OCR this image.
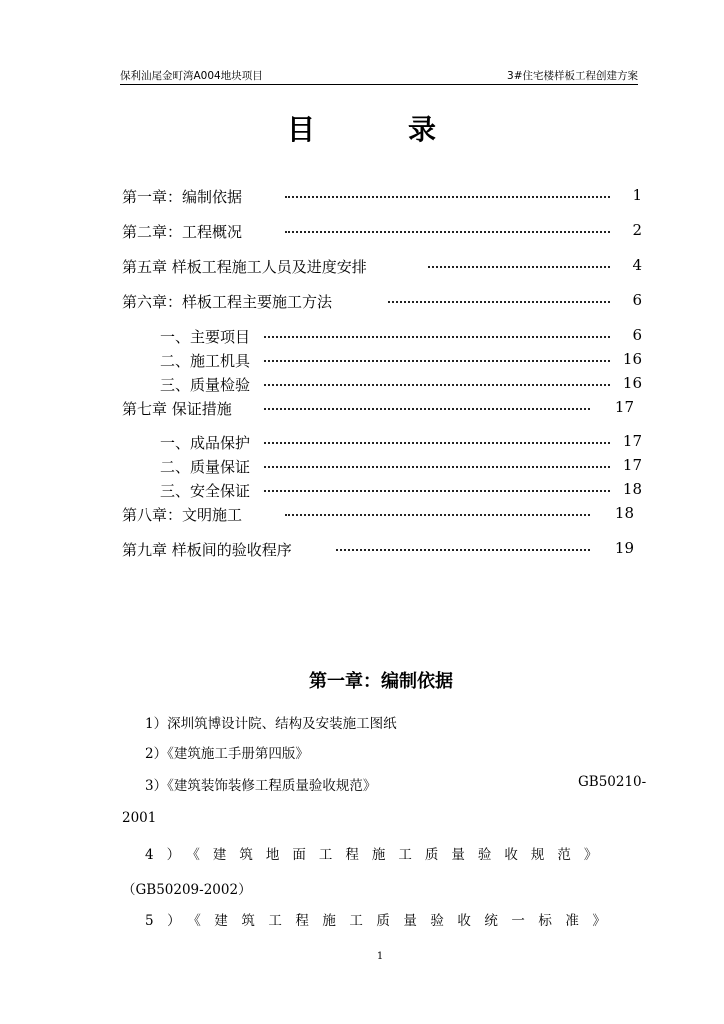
保利汕尾金町湾A004地块项目	3#住宅楼样板工程创建方案
目	录
第一章：编制依据	1
第二章：工程概况	2
第五章 样板工程施工人员及进度安排	4
第六章：样板工程主要施工方法	6
一、主要项目	6
二、施工机具	16
三、质量检验	16
第七章 保证措施	17
一、成品保护	17
二、质量保证	17
三、安全保证	18
第八章：文明施工	18
第九章 样板间的验收程序	19
第一章：编制依据
1）深圳筑博设计院、结构及安装施工图纸
2）《建筑施工手册第四版》
3）《建筑装饰装修工程质量验收规范》	GB50210-
2001
4）《建筑地面工程施工质量验收规范》
（GB50209-2002）
5）《建筑工程施工质量验收统一标准》
1
